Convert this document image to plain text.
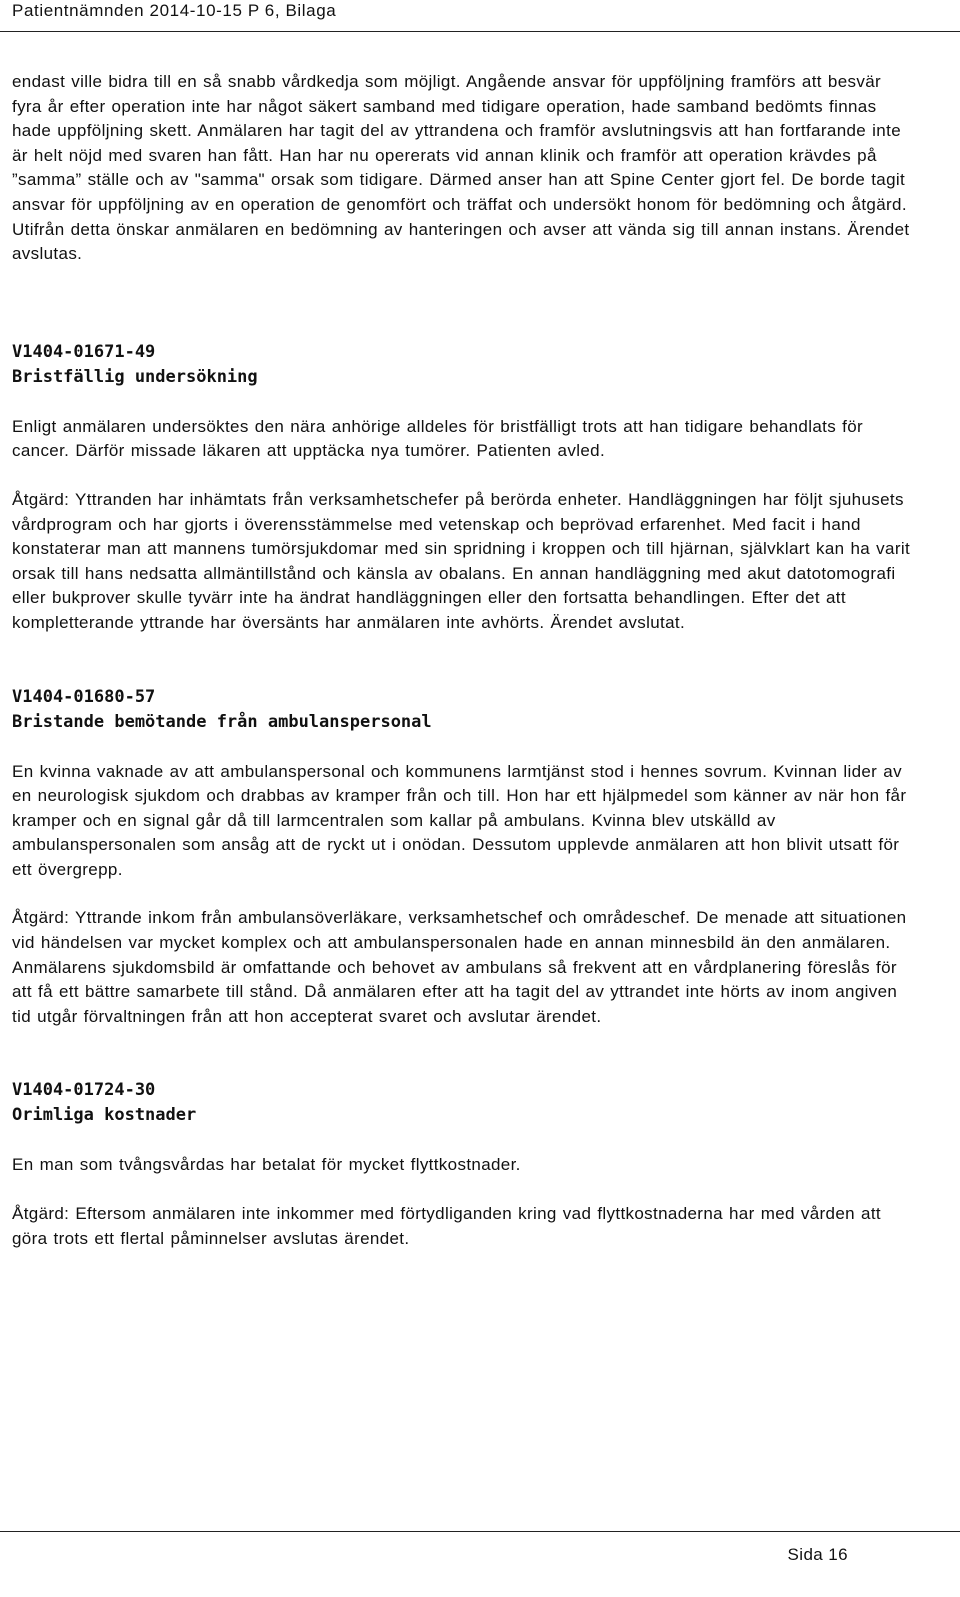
Patientnämnden 2014-10-15 P 6, Bilaga

endast ville bidra till en så snabb vårdkedja som möjligt. Angående ansvar för uppföljning framförs att besvär fyra år efter operation inte har något säkert samband med tidigare operation, hade samband bedömts finnas hade uppföljning skett. Anmälaren har tagit del av yttrandena och framför avslutningsvis att han fortfarande inte är helt nöjd med svaren han fått. Han har nu opererats vid annan klinik och framför att operation krävdes på ”samma” ställe och av "samma" orsak som tidigare. Därmed anser han att Spine Center gjort fel. De borde tagit ansvar för uppföljning av en operation de genomfört och träffat och undersökt honom för bedömning och åtgärd. Utifrån detta önskar anmälaren en bedömning av hanteringen och avser att vända sig till annan instans. Ärendet avslutas.

V1404-01671-49

Bristfällig undersökning

Enligt anmälaren undersöktes den nära anhörige alldeles för bristfälligt trots att han tidigare behandlats för cancer. Därför missade läkaren att upptäcka nya tumörer. Patienten avled.

Åtgärd: Yttranden har inhämtats från verksamhetschefer på berörda enheter. Handläggningen har följt sjuhusets vårdprogram och har gjorts i överensstämmelse med vetenskap och beprövad erfarenhet. Med facit i hand konstaterar man att mannens tumörsjukdomar med sin spridning i kroppen och till hjärnan, självklart kan ha varit orsak till hans nedsatta allmäntillstånd och känsla av obalans. En annan handläggning med akut datotomografi eller bukprover skulle tyvärr inte ha ändrat handläggningen eller den fortsatta behandlingen. Efter det att kompletterande yttrande har översänts har anmälaren inte avhörts. Ärendet avslutat.

V1404-01680-57

Bristande bemötande från ambulanspersonal

En kvinna vaknade av att ambulanspersonal och kommunens larmtjänst stod i hennes sovrum. Kvinnan lider av en neurologisk sjukdom och drabbas av kramper från och till. Hon har ett hjälpmedel som känner av när hon får kramper och en signal går då till larmcentralen som kallar på ambulans. Kvinna blev utskälld av ambulanspersonalen som ansåg att de ryckt ut i onödan. Dessutom upplevde anmälaren att hon blivit utsatt för ett övergrepp.

Åtgärd: Yttrande inkom från ambulansöverläkare, verksamhetschef och områdeschef. De menade att situationen vid händelsen var mycket komplex och att ambulanspersonalen hade en annan minnesbild än den anmälaren. Anmälarens sjukdomsbild är omfattande och behovet av ambulans så frekvent att en vårdplanering föreslås för att få ett bättre samarbete till stånd. Då anmälaren efter att ha tagit del av yttrandet inte hörts av inom angiven tid utgår förvaltningen från att hon accepterat svaret och avslutar ärendet.

V1404-01724-30

Orimliga kostnader

En man som tvångsvårdas har betalat för mycket flyttkostnader.

Åtgärd: Eftersom anmälaren inte inkommer med förtydliganden kring vad flyttkostnaderna har med vården att göra trots ett flertal påminnelser avslutas ärendet.

Sida 16
